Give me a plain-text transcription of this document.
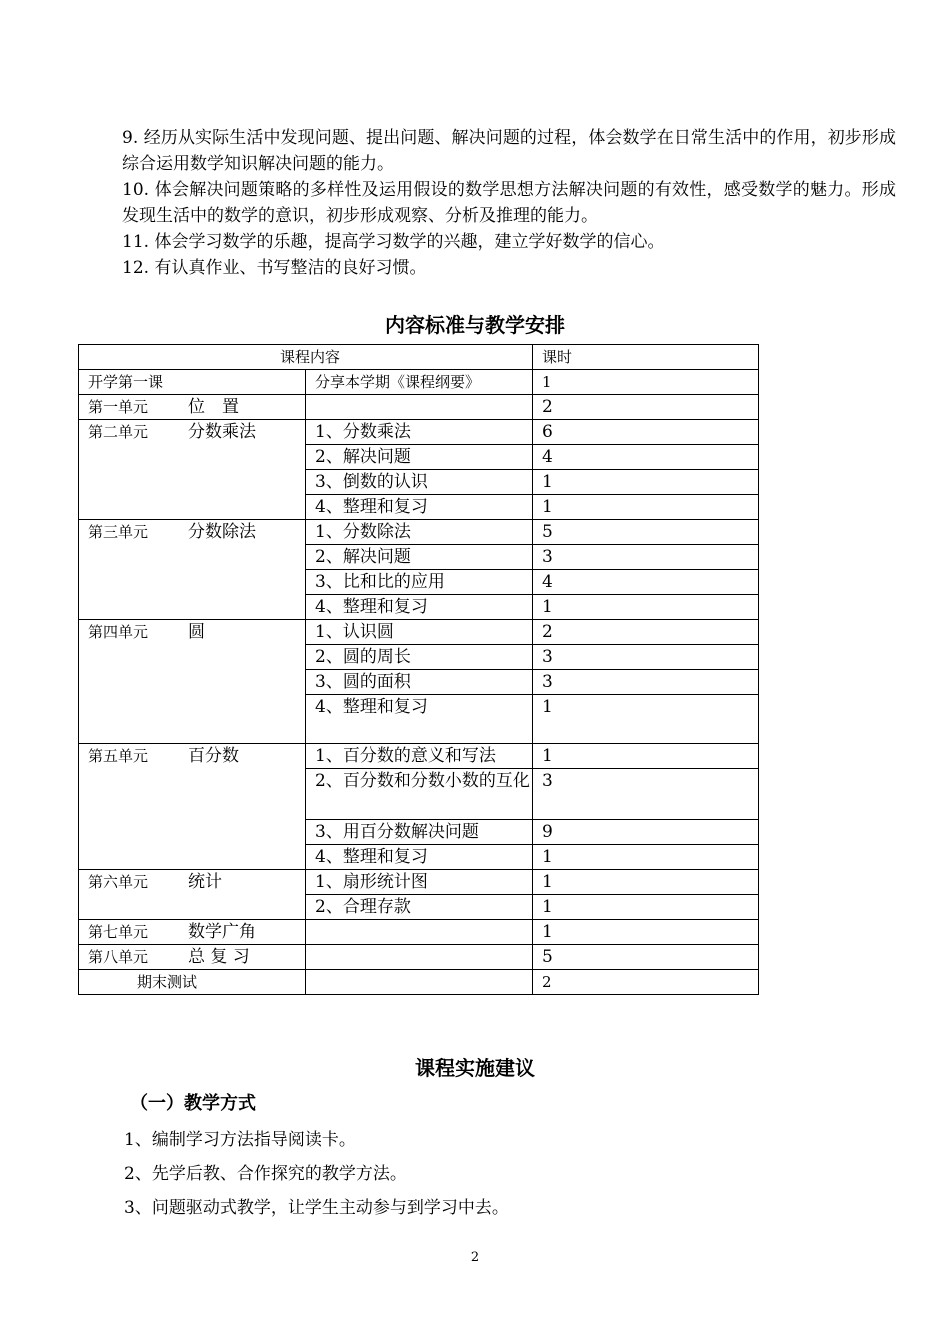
9. 经历从实际生活中发现问题、提出问题、解决问题的过程，体会数学在日常生活中的作用，初步形成综合运用数学知识解决问题的能力。
10. 体会解决问题策略的多样性及运用假设的数学思想方法解决问题的有效性，感受数学的魅力。形成发现生活中的数学的意识，初步形成观察、分析及推理的能力。
11. 体会学习数学的乐趣，提高学习数学的兴趣，建立学好数学的信心。
12. 有认真作业、书写整洁的良好习惯。
内容标准与教学安排
课程内容		课时
开学第一课	分享本学期《课程纲要》	1
第一单元 位　置		2
第二单元 分数乘法	1、分数乘法	6
	2、解决问题	4
	3、倒数的认识	1
	4、整理和复习	1
第三单元 分数除法	1、分数除法	5
	2、解决问题	3
	3、比和比的应用	4
	4、整理和复习	1
第四单元 圆	1、认识圆	2
	2、圆的周长	3
	3、圆的面积	3
	4、整理和复习	1
第五单元 百分数	1、百分数的意义和写法	1
	2、百分数和分数小数的互化	3
	3、用百分数解决问题	9
	4、整理和复习	1
第六单元 统计	1、扇形统计图	1
	2、合理存款	1
第七单元 数学广角		1
第八单元 总 复 习		5
期末测试		2
课程实施建议
（一）教学方式
1、编制学习方法指导阅读卡。
2、先学后教、合作探究的教学方法。
3、问题驱动式教学，让学生主动参与到学习中去。
2
